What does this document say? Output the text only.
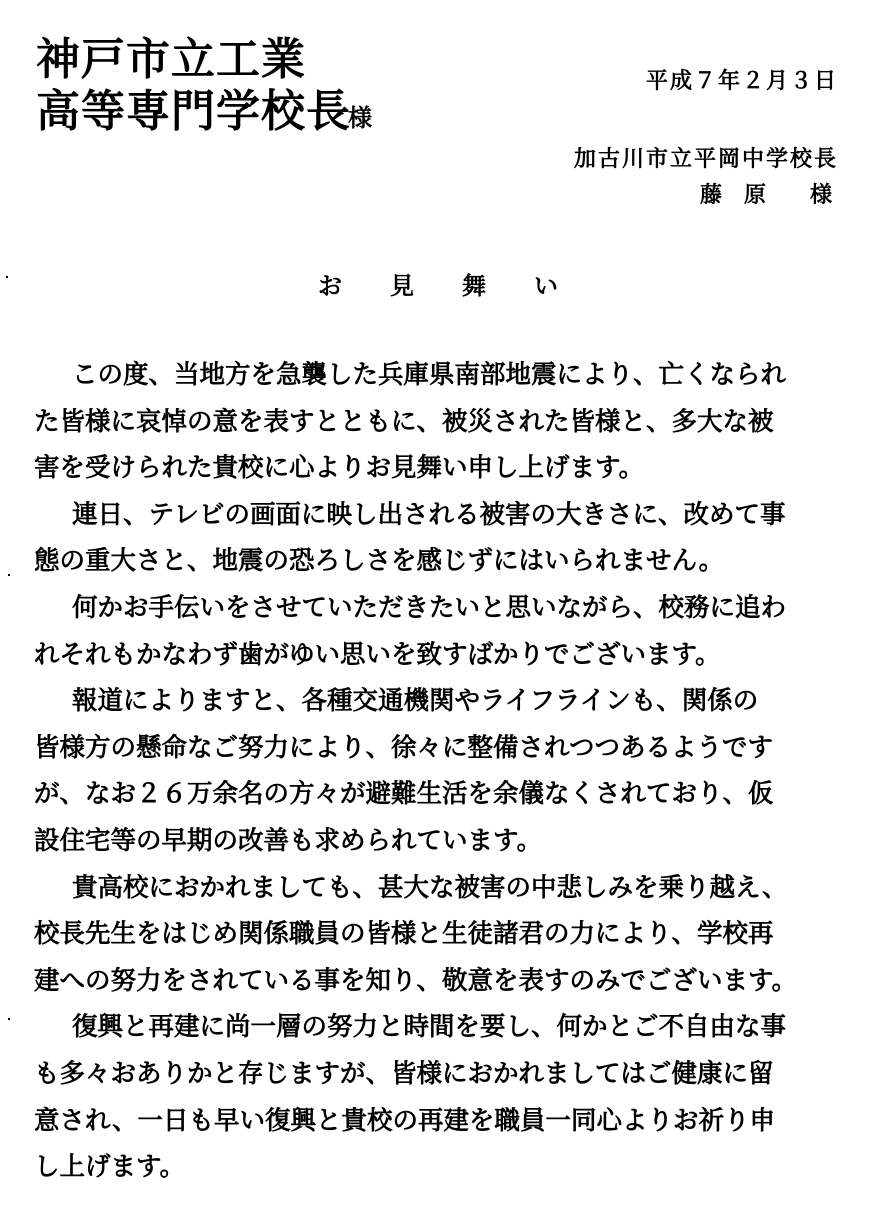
神戸市立工業
高等専門学校長
様
平成７年２月３日
加古川市立平岡中学校長
藤原 様
お見舞い
この度、当地方を急襲した兵庫県南部地震により、亡くなられ
た皆様に哀悼の意を表すとともに、被災された皆様と、多大な被
害を受けられた貴校に心よりお見舞い申し上げます。
連日、テレビの画面に映し出される被害の大きさに、改めて事
態の重大さと、地震の恐ろしさを感じずにはいられません。
何かお手伝いをさせていただきたいと思いながら、校務に追わ
れそれもかなわず歯がゆい思いを致すばかりでございます。
報道によりますと、各種交通機関やライフラインも、関係の
皆様方の懸命なご努力により、徐々に整備されつつあるようです
が、なお２６万余名の方々が避難生活を余儀なくされており、仮
設住宅等の早期の改善も求められています。
貴高校におかれましても、甚大な被害の中悲しみを乗り越え、
校長先生をはじめ関係職員の皆様と生徒諸君の力により、学校再
建への努力をされている事を知り、敬意を表すのみでございます。
復興と再建に尚一層の努力と時間を要し、何かとご不自由な事
も多々おありかと存じますが、皆様におかれましてはご健康に留
意され、一日も早い復興と貴校の再建を職員一同心よりお祈り申
し上げます。
